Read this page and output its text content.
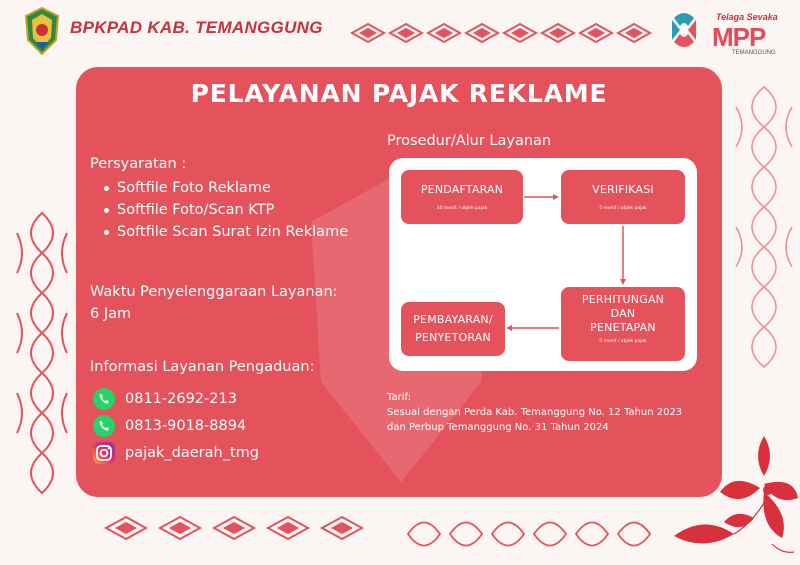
BPKPAD KAB. TEMANGGUNG
Telaga Sevaka
MPP
TEMANGGUNG
PELAYANAN PAJAK REKLAME
Persyaratan :
Softfile Foto Reklame
Softfile Foto/Scan KTP
Softfile Scan Surat Izin Reklame
Waktu Penyelenggaraan Layanan:
6 Jam
Informasi Layanan Pengaduan:
0811-2692-213
0813-9018-8894
pajak_daerah_tmg
Prosedur/Alur Layanan
PENDAFTARAN
10 menit / objek pajak
VERIFIKASI
5 menit / objek pajak
PERHITUNGAN
DAN
PENETAPAN
5 menit / objek pajak
PEMBAYARAN/
PENYETORAN
Tarif:
Sesuai dengan Perda Kab. Temanggung No. 12 Tahun 2023
dan Perbup Temanggung No. 31 Tahun 2024
